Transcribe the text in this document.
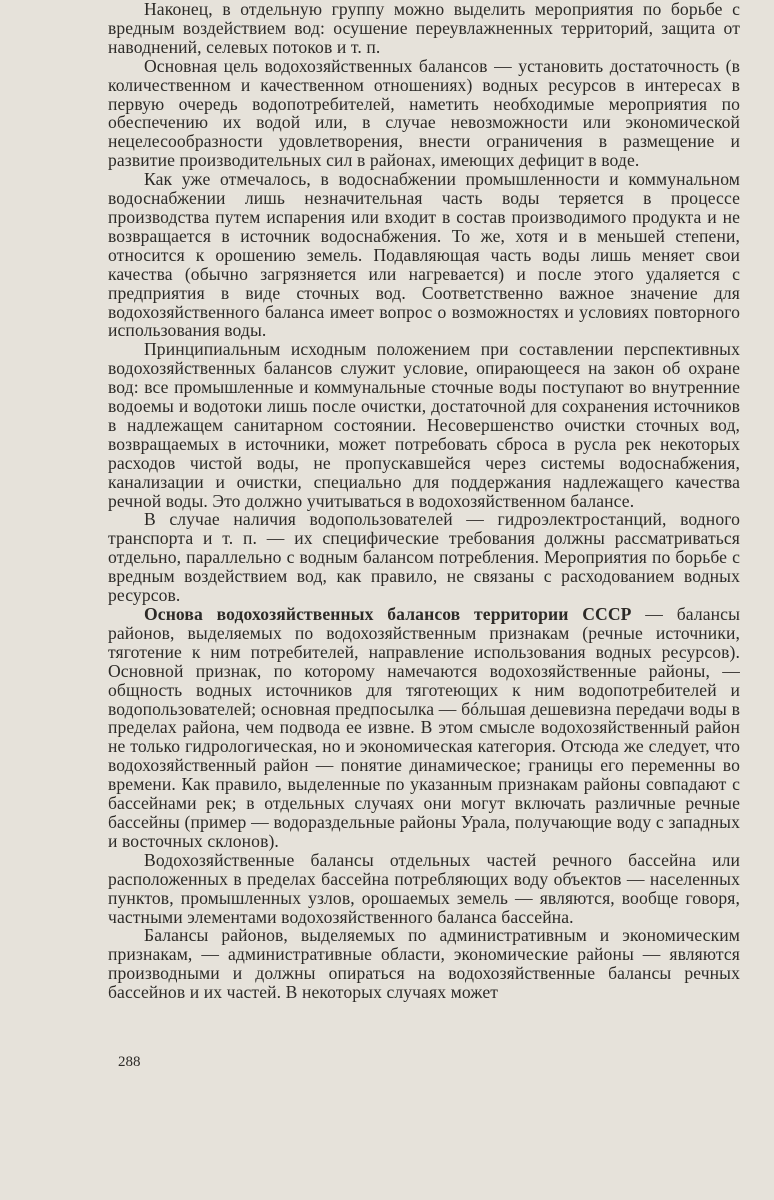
Наконец, в отдельную группу можно выделить мероприятия по борьбе с вредным воздействием вод: осушение переувлажненных территорий, защита от наводнений, селевых потоков и т. п.

Основная цель водохозяйственных балансов — установить достаточность (в количественном и качественном отношениях) водных ресурсов в интересах в первую очередь водопотребителей, наметить необходимые мероприятия по обеспечению их водой или, в случае невозможности или экономической нецелесообразности удовлетворения, внести ограничения в размещение и развитие производительных сил в районах, имеющих дефицит в воде.

Как уже отмечалось, в водоснабжении промышленности и коммунальном водоснабжении лишь незначительная часть воды теряется в процессе производства путем испарения или входит в состав производимого продукта и не возвращается в источник водоснабжения. То же, хотя и в меньшей степени, относится к орошению земель. Подавляющая часть воды лишь меняет свои качества (обычно загрязняется или нагревается) и после этого удаляется с предприятия в виде сточных вод. Соответственно важное значение для водохозяйственного баланса имеет вопрос о возможностях и условиях повторного использования воды.

Принципиальным исходным положением при составлении перспективных водохозяйственных балансов служит условие, опирающееся на закон об охране вод: все промышленные и коммунальные сточные воды поступают во внутренние водоемы и водотоки лишь после очистки, достаточной для сохранения источников в надлежащем санитарном состоянии. Несовершенство очистки сточных вод, возвращаемых в источники, может потребовать сброса в русла рек некоторых расходов чистой воды, не пропускавшейся через системы водоснабжения, канализации и очистки, специально для поддержания надлежащего качества речной воды. Это должно учитываться в водохозяйственном балансе.

В случае наличия водопользователей — гидроэлектростанций, водного транспорта и т. п. — их специфические требования должны рассматриваться отдельно, параллельно с водным балансом потребления. Мероприятия по борьбе с вредным воздействием вод, как правило, не связаны с расходованием водных ресурсов.

Основа водохозяйственных балансов территории СССР — балансы районов, выделяемых по водохозяйственным признакам (речные источники, тяготение к ним потребителей, направление использования водных ресурсов). Основной признак, по которому намечаются водохозяйственные районы, — общность водных источников для тяготеющих к ним водопотребителей и водопользователей; основная предпосылка — бóльшая дешевизна передачи воды в пределах района, чем подвода ее извне. В этом смысле водохозяйственный район не только гидрологическая, но и экономическая категория. Отсюда же следует, что водохозяйственный район — понятие динамическое; границы его переменны во времени. Как правило, выделенные по указанным признакам районы совпадают с бассейнами рек; в отдельных случаях они могут включать различные речные бассейны (пример — водораздельные районы Урала, получающие воду с западных и восточных склонов).

Водохозяйственные балансы отдельных частей речного бассейна или расположенных в пределах бассейна потребляющих воду объектов — населенных пунктов, промышленных узлов, орошаемых земель — являются, вообще говоря, частными элементами водохозяйственного баланса бассейна.

Балансы районов, выделяемых по административным и экономическим признакам, — административные области, экономические районы — являются производными и должны опираться на водохозяйственные балансы речных бассейнов и их частей. В некоторых случаях может

288
